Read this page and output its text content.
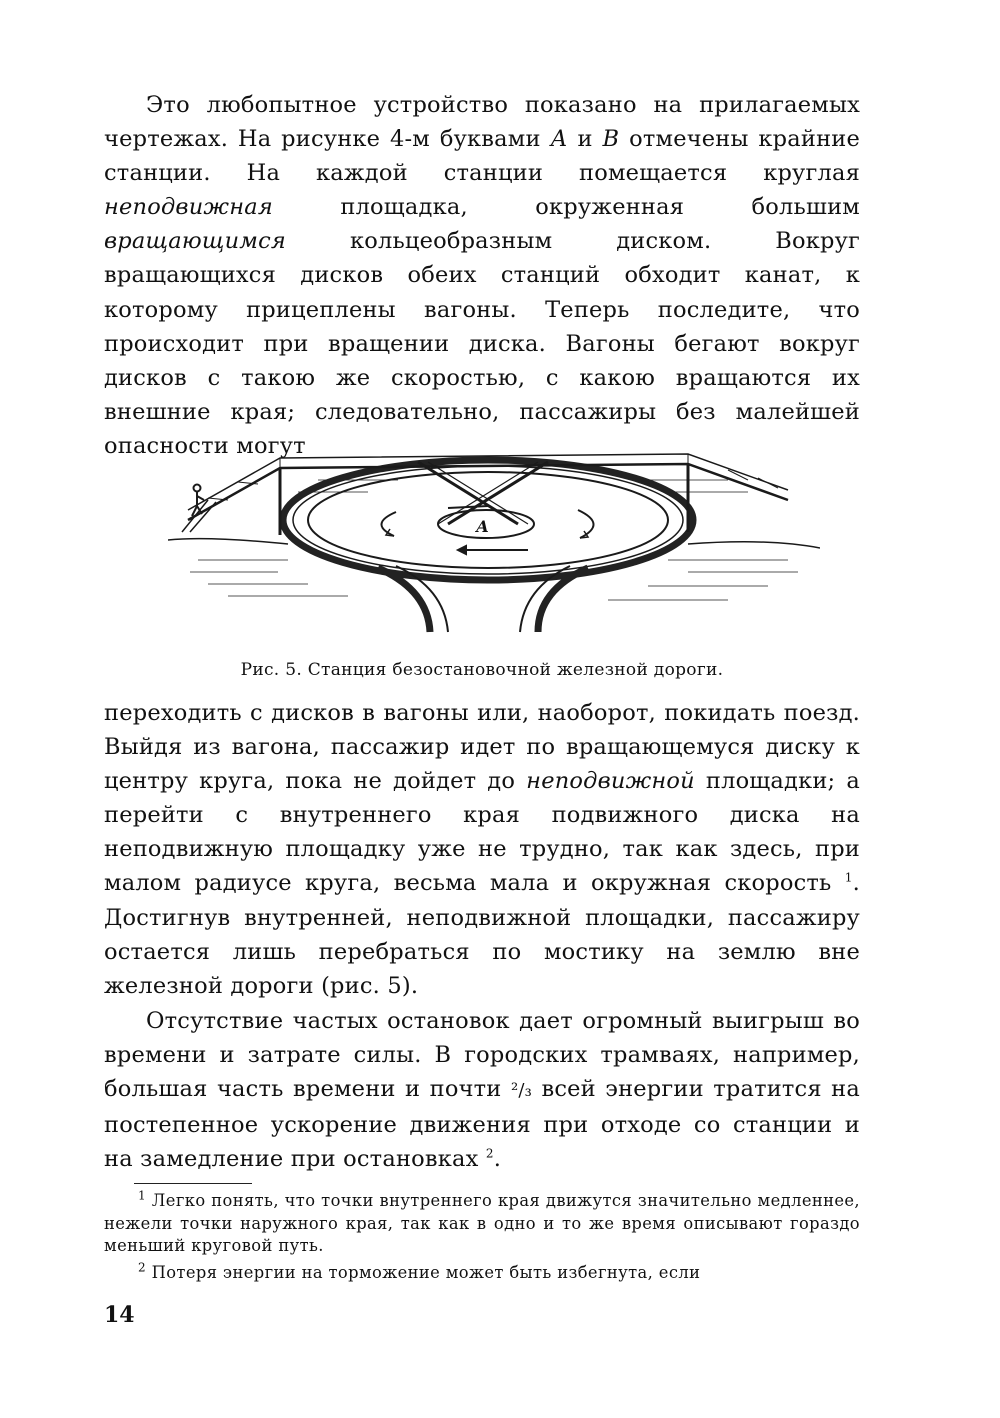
Это любопытное устройство показано на прилагаемых чертежах. На рисунке 4-м буквами А и В отмечены крайние станции. На каждой станции помещается круглая неподвижная площадка, окруженная большим вращающимся кольцеобразным диском. Вокруг вращающихся дисков обеих станций обходит канат, к которому прицеплены вагоны. Теперь последите, что происходит при вращении диска. Вагоны бегают вокруг дисков с такою же скоростью, с какою вращаются их внешние края; следовательно, пассажиры без малейшей опасности могут

А
Рис. 5. Станция безостановочной железной дороги.

переходить с дисков в вагоны или, наоборот, покидать поезд. Выйдя из вагона, пассажир идет по вращающемуся диску к центру круга, пока не дойдет до неподвижной площадки; а перейти с внутреннего края подвижного диска на неподвижную площадку уже не трудно, так как здесь, при малом радиусе круга, весьма мала и окружная скорость $^1$. Достигнув внутренней, неподвижной площадки, пассажиру остается лишь перебраться по мостику на землю вне железной дороги (рис. 5).

Отсутствие частых остановок дает огромный выигрыш во времени и затрате силы. В городских трамваях, например, большая часть времени и почти ²/₃ всей энергии тратится на постепенное ускорение движения при отходе со станции и на замедление при остановках $^2$.

$^1$ Легко понять, что точки внутреннего края движутся значительно медленнее, нежели точки наружного края, так как в одно и то же время описывают гораздо меньший круговой путь.

$^2$ Потеря энергии на торможение может быть избегнута, если

14
